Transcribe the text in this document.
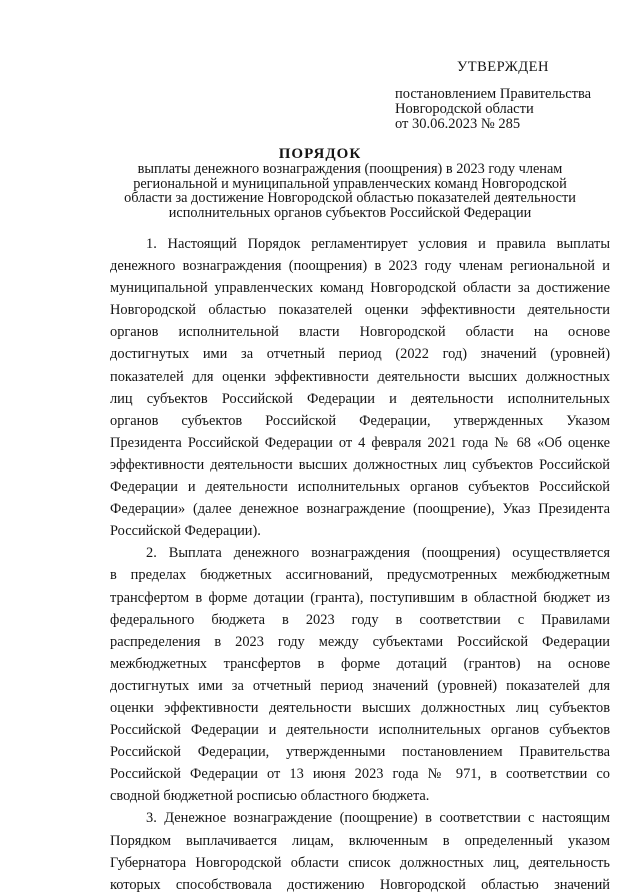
УТВЕРЖДЕН
постановлением Правительства
Новгородской области
от 30.06.2023 № 285
ПОРЯДОК
выплаты денежного вознаграждения (поощрения) в 2023 году членам
региональной и муниципальной управленческих команд Новгородской
области за достижение Новгородской областью показателей деятельности
исполнительных органов субъектов Российской Федерации

1. Настоящий Порядок регламентирует условия и правила выплаты

денежного вознаграждения (поощрения) в 2023 году членам региональной и

муниципальной управленческих команд Новгородской области за достижение

Новгородской областью показателей оценки эффективности деятельности

органов исполнительной власти Новгородской области на основе

достигнутых ими за отчетный период (2022 год) значений (уровней)

показателей для оценки эффективности деятельности высших должностных

лиц субъектов Российской Федерации и деятельности исполнительных

органов субъектов Российской Федерации, утвержденных Указом

Президента Российской Федерации от 4 февраля 2021 года № 68 «Об оценке

эффективности деятельности высших должностных лиц субъектов Российской

Федерации и деятельности исполнительных органов субъектов Российской

Федерации» (далее денежное вознаграждение (поощрение), Указ Президента

Российской Федерации).

2. Выплата денежного вознаграждения (поощрения) осуществляется

в пределах бюджетных ассигнований, предусмотренных межбюджетным

трансфертом в форме дотации (гранта), поступившим в областной бюджет из

федерального бюджета в 2023 году в соответствии с Правилами

распределения в 2023 году между субъектами Российской Федерации

межбюджетных трансфертов в форме дотаций (грантов) на основе

достигнутых ими за отчетный период значений (уровней) показателей для

оценки эффективности деятельности высших должностных лиц субъектов

Российской Федерации и деятельности исполнительных органов субъектов

Российской Федерации, утвержденными постановлением Правительства

Российской Федерации от 13 июня 2023 года № 971, в соответствии со

сводной бюджетной росписью областного бюджета.

3. Денежное вознаграждение (поощрение) в соответствии с настоящим

Порядком выплачивается лицам, включенным в определенный указом

Губернатора Новгородской области список должностных лиц, деятельность

которых способствовала достижению Новгородской областью значений
